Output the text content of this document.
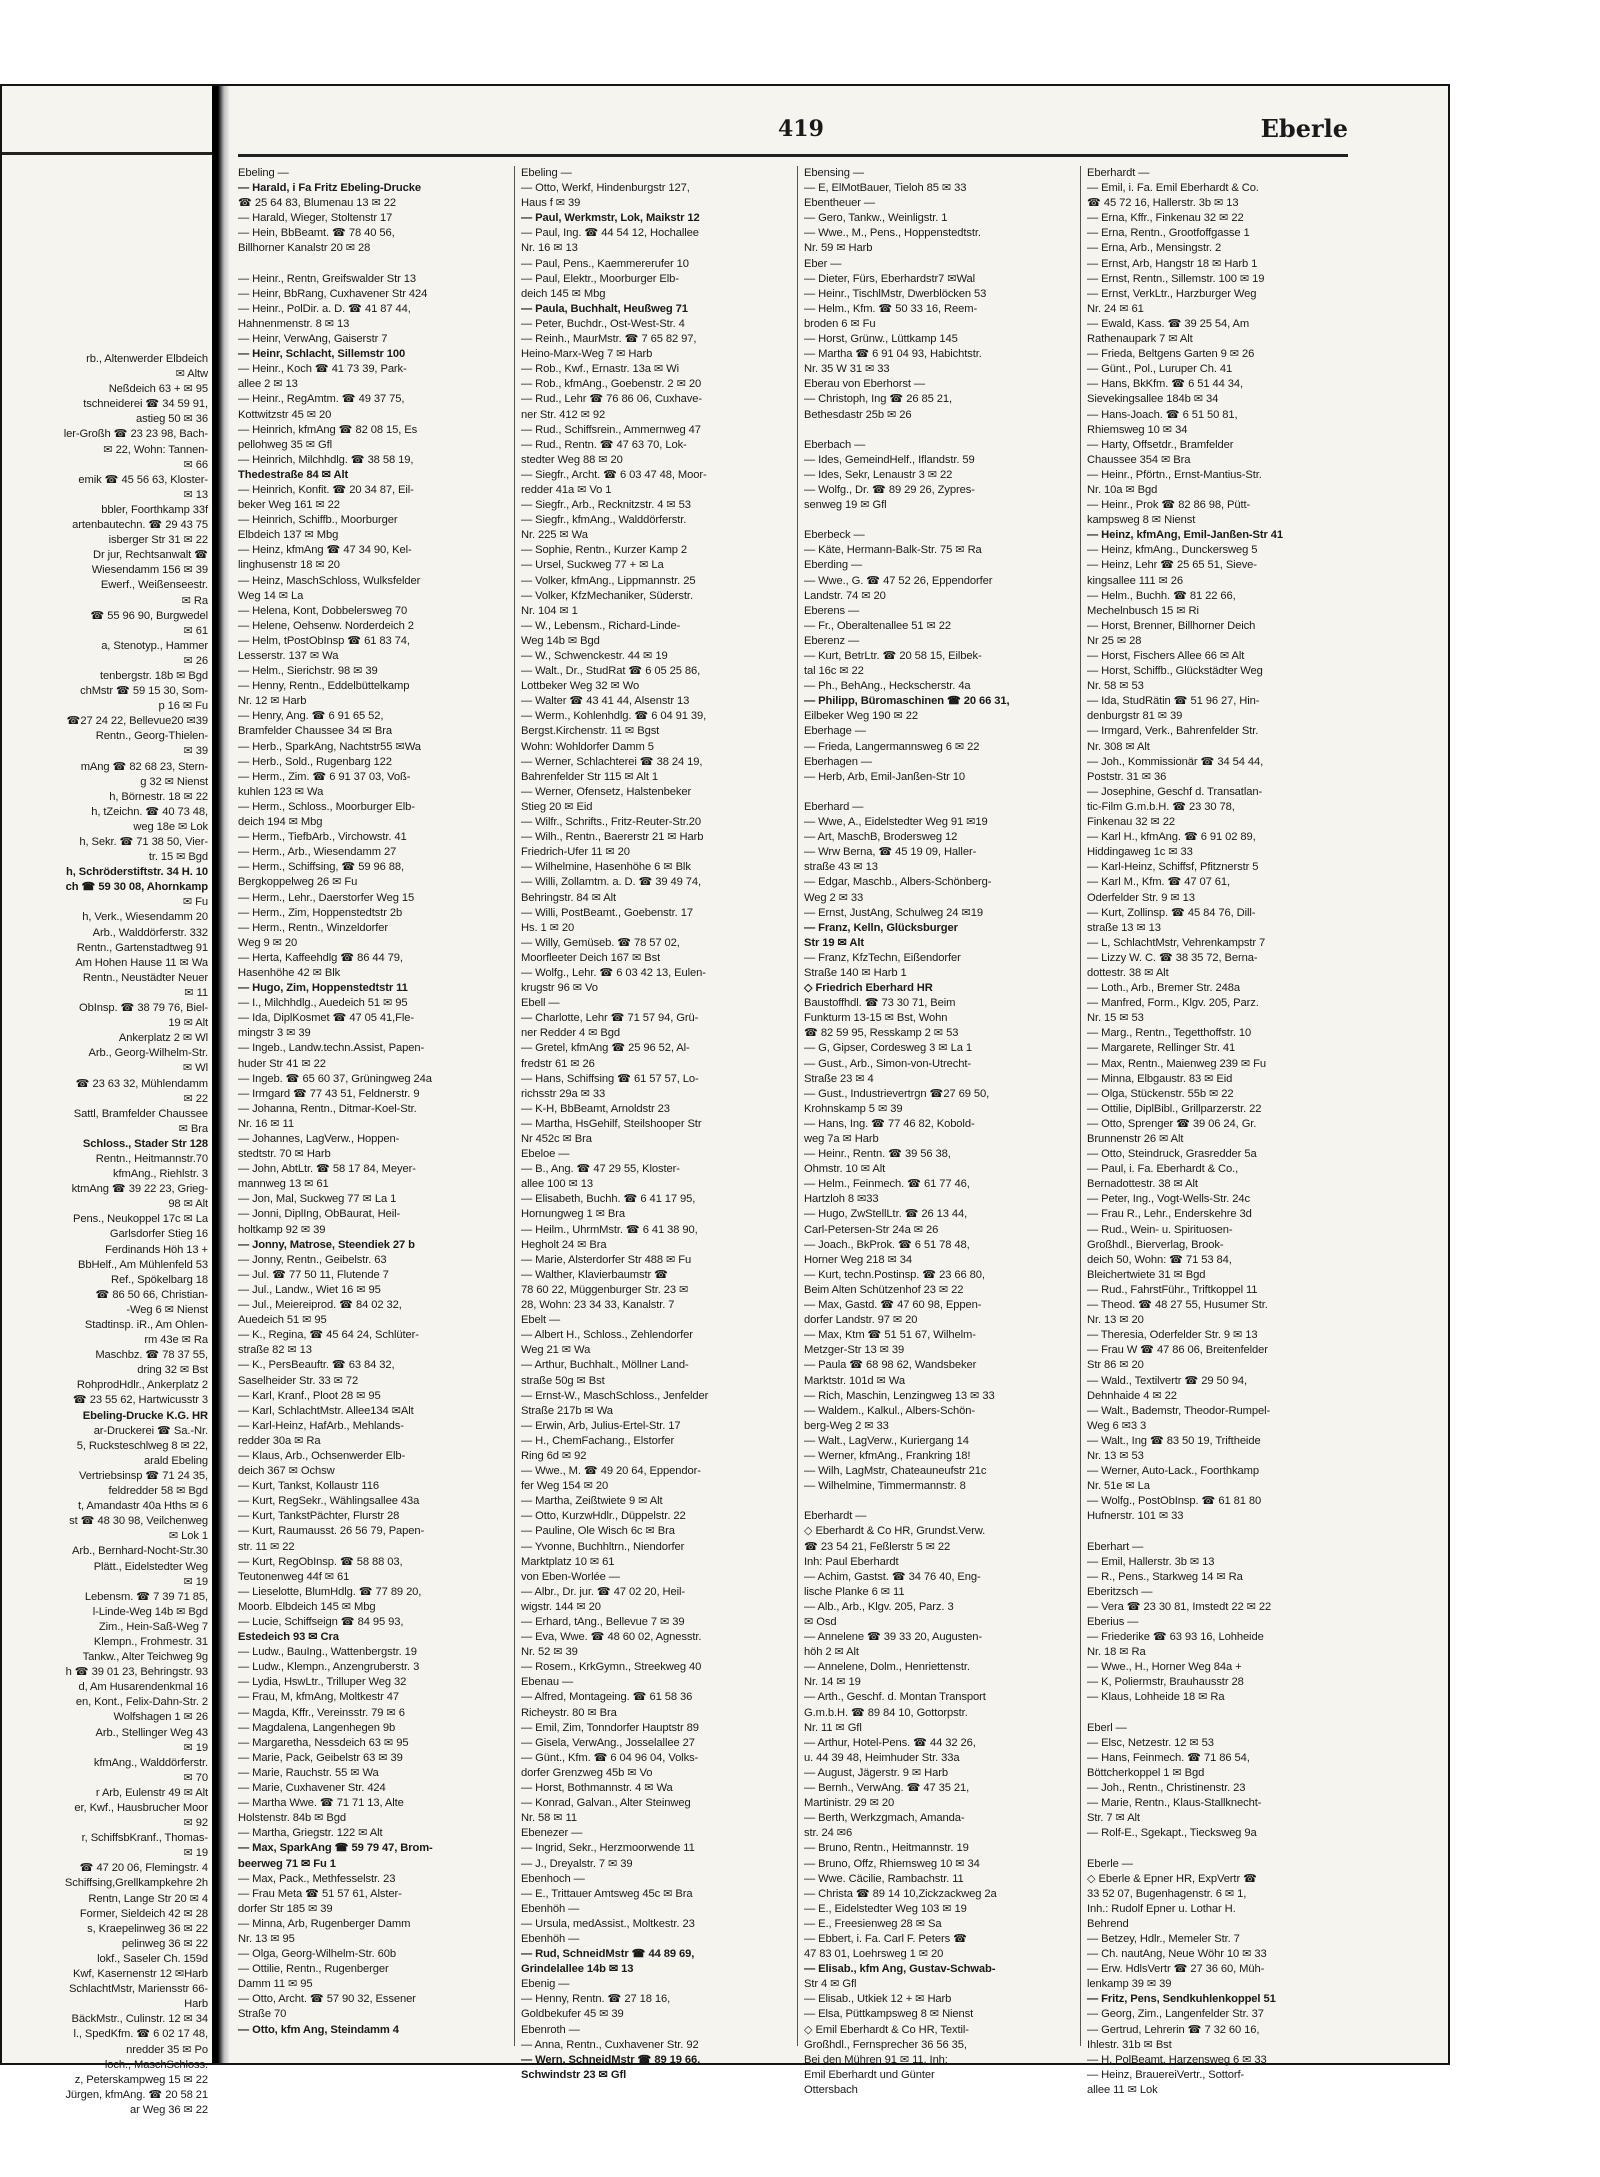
rb., Altenwerder Elbdeich
✉ Altw
Neßdeich 63 + ✉ 95
tschneiderei ☎ 34 59 91,
astieg 50 ✉ 36
ler-Großh ☎ 23 23 98, Bach-
✉ 22, Wohn: Tannen-
✉ 66
emik ☎ 45 56 63, Kloster-
✉ 13
bbler, Foorthkamp 33f
artenbautechn. ☎ 29 43 75
isberger Str 31 ✉ 22
Dr jur, Rechtsanwalt ☎
Wiesendamm 156 ✉ 39
Ewerf., Weißenseestr.
✉ Ra
☎ 55 96 90, Burgwedel
✉ 61
a, Stenotyp., Hammer
✉ 26
tenbergstr. 18b ✉ Bgd
chMstr ☎ 59 15 30, Som-
p 16 ✉ Fu
☎27 24 22, Bellevue20 ✉39
Rentn., Georg-Thielen-
✉ 39
mAng ☎ 82 68 23, Stern-
g 32 ✉ Nienst
h, Börnestr. 18 ✉ 22
h, tZeichn. ☎ 40 73 48,
weg 18e ✉ Lok
h, Sekr. ☎ 71 38 50, Vier-
tr. 15 ✉ Bgd
h, Schröderstiftstr. 34 H. 10
ch ☎ 59 30 08, Ahornkamp
✉ Fu
h, Verk., Wiesendamm 20
Arb., Walddörferstr. 332
Rentn., Gartenstadtweg 91
Am Hohen Hause 11 ✉ Wa
Rentn., Neustädter Neuer
✉ 11
ObInsp. ☎ 38 79 76, Biel-
19 ✉ Alt
Ankerplatz 2 ✉ Wl
Arb., Georg-Wilhelm-Str.
✉ Wl
☎ 23 63 32, Mühlendamm
✉ 22
Sattl, Bramfelder Chaussee
✉ Bra
Schloss., Stader Str 128
Rentn., Heitmannstr.70
kfmAng., Riehlstr. 3
ktmAng ☎ 39 22 23, Grieg-
98 ✉ Alt
Pens., Neukoppel 17c ✉ La
Garlsdorfer Stieg 16
Ferdinands Höh 13 +
BbHelf., Am Mühlenfeld 53
Ref., Spökelbarg 18
☎ 86 50 66, Christian-
-Weg 6 ✉ Nienst
Stadtinsp. iR., Am Ohlen-
rm 43e ✉ Ra
Maschbz. ☎ 78 37 55,
dring 32 ✉ Bst
RohprodHdlr., Ankerplatz 2
☎ 23 55 62, Hartwicusstr 3
Ebeling-Drucke K.G. HR
ar-Druckerei ☎ Sa.-Nr.
5, Rucksteschlweg 8 ✉ 22,
arald Ebeling
Vertriebsinsp ☎ 71 24 35,
feldredder 58 ✉ Bgd
t, Amandastr 40a Hths ✉ 6
st ☎ 48 30 98, Veilchenweg
✉ Lok 1
Arb., Bernhard-Nocht-Str.30
Plätt., Eidelstedter Weg
✉ 19
Lebensm. ☎ 7 39 71 85,
l-Linde-Weg 14b ✉ Bgd
Zim., Hein-Saß-Weg 7
Klempn., Frohmestr. 31
Tankw., Alter Teichweg 9g
h ☎ 39 01 23, Behringstr. 93
d, Am Husarendenkmal 16
en, Kont., Felix-Dahn-Str. 2
Wolfshagen 1 ✉ 26
Arb., Stellinger Weg 43
✉ 19
kfmAng., Walddörferstr.
✉ 70
r Arb, Eulenstr 49 ✉ Alt
er, Kwf., Hausbrucher Moor
✉ 92
r, SchiffsbKranf., Thomas-
✉ 19
☎ 47 20 06, Flemingstr. 4
Schiffsing,Grellkampkehre 2h
Rentn, Lange Str 20 ✉ 4
Former, Sieldeich 42 ✉ 28
s, Kraepelinweg 36 ✉ 22
pelinweg 36 ✉ 22
lokf., Saseler Ch. 159d
Kwf, Kasernenstr 12 ✉Harb
SchlachtMstr, Mariensstr 66-
Harb
BäckMstr., Culinstr. 12 ✉ 34
l., SpedKfm. ☎ 6 02 17 48,
nredder 35 ✉ Po
loch., MaschSchloss.
z, Peterskampweg 15 ✉ 22
Jürgen, kfmAng. ☎ 20 58 21
ar Weg 36 ✉ 22
419	Eberle
Ebeling —
— Harald, i Fa Fritz Ebeling-Drucke
☎ 25 64 83, Blumenau 13 ✉ 22
— Harald, Wieger, Stoltenstr 17
— Hein, BbBeamt. ☎ 78 40 56,
Billhorner Kanalstr 20 ✉ 28
— Heinr., Rentn, Greifswalder Str 13
— Heinr, BbRang, Cuxhavener Str 424
— Heinr., PolDir. a. D. ☎ 41 87 44,
Hahnenmenstr. 8 ✉ 13
— Heinr, VerwAng, Gaiserstr 7
— Heinr, Schlacht, Sillemstr 100
— Heinr., Koch ☎ 41 73 39, Park-
allee 2 ✉ 13
— Heinr., RegAmtm. ☎ 49 37 75,
Kottwitzstr 45 ✉ 20
— Heinrich, kfmAng ☎ 82 08 15, Es
pellohweg 35 ✉ Gfl
— Heinrich, Milchhdlg. ☎ 38 58 19,
Thedestraße 84 ✉ Alt
— Heinrich, Konfit. ☎ 20 34 87, Eil-
beker Weg 161 ✉ 22
— Heinrich, Schiffb., Moorburger
Elbdeich 137 ✉ Mbg
— Heinz, kfmAng ☎ 47 34 90, Kel-
linghusenstr 18 ✉ 20
— Heinz, MaschSchloss, Wulksfelder
Weg 14 ✉ La
— Helena, Kont, Dobbelersweg 70
— Helene, Oehsenw. Norderdeich 2
— Helm, tPostObInsp ☎ 61 83 74,
Lesserstr. 137 ✉ Wa
— Helm., Sierichstr. 98 ✉ 39
— Henny, Rentn., Eddelbüttelkamp
Nr. 12 ✉ Harb
— Henry, Ang. ☎ 6 91 65 52,
Bramfelder Chaussee 34 ✉ Bra
— Herb., SparkAng, Nachtstr55 ✉Wa
— Herb., Sold., Rugenbarg 122
— Herm., Zim. ☎ 6 91 37 03, Voß-
kuhlen 123 ✉ Wa
— Herm., Schloss., Moorburger Elb-
deich 194 ✉ Mbg
— Herm., TiefbArb., Virchowstr. 41
— Herm., Arb., Wiesendamm 27
— Herm., Schiffsing, ☎ 59 96 88,
Bergkoppelweg 26 ✉ Fu
— Herm., Lehr., Daerstorfer Weg 15
— Herm., Zim, Hoppenstedtstr 2b
— Herm., Rentn., Winzeldorfer
Weg 9 ✉ 20
— Herta, Kaffeehdlg ☎ 86 44 79,
Hasenhöhe 42 ✉ Blk
— Hugo, Zim, Hoppenstedtstr 11
— I., Milchhdlg., Auedeich 51 ✉ 95
— Ida, DiplKosmet ☎ 47 05 41,Fle-
mingstr 3 ✉ 39
— Ingeb., Landw.techn.Assist, Papen-
huder Str 41 ✉ 22
— Ingeb. ☎ 65 60 37, Grüningweg 24a
— Irmgard ☎ 77 43 51, Feldnerstr. 9
— Johanna, Rentn., Ditmar-Koel-Str.
Nr. 16 ✉ 11
— Johannes, LagVerw., Hoppen-
stedtstr. 70 ✉ Harb
— John, AbtLtr. ☎ 58 17 84, Meyer-
mannweg 13 ✉ 61
— Jon, Mal, Suckweg 77 ✉ La 1
— Jonni, DiplIng, ObBaurat, Heil-
holtkamp 92 ✉ 39
— Jonny, Matrose, Steendiek 27 b
— Jonny, Rentn., Geibelstr. 63
— Jul. ☎ 77 50 11, Flutende 7
— Jul., Landw., Wiet 16 ✉ 95
— Jul., Meiereiprod. ☎ 84 02 32,
Auedeich 51 ✉ 95
— K., Regina, ☎ 45 64 24, Schlüter-
straße 82 ✉ 13
— K., PersBeauftr. ☎ 63 84 32,
Saselheider Str. 33 ✉ 72
— Karl, Kranf., Ploot 28 ✉ 95
— Karl, SchlachtMstr. Allee134 ✉Alt
— Karl-Heinz, HafArb., Mehlands-
redder 30a ✉ Ra
— Klaus, Arb., Ochsenwerder Elb-
deich 367 ✉ Ochsw
— Kurt, Tankst, Kollaustr 116
— Kurt, RegSekr., Wählingsallee 43a
— Kurt, TankstPächter, Flurstr 28
— Kurt, Raumausst. 26 56 79, Papen-
str. 11 ✉ 22
— Kurt, RegObInsp. ☎ 58 88 03,
Teutonenweg 44f ✉ 61
— Lieselotte, BlumHdlg. ☎ 77 89 20,
Moorb. Elbdeich 145 ✉ Mbg
— Lucie, Schiffseign ☎ 84 95 93,
Estedeich 93 ✉ Cra
— Ludw., BauIng., Wattenbergstr. 19
— Ludw., Klempn., Anzengruberstr. 3
— Lydia, HswLtr., Trilluper Weg 32
— Frau, M, kfmAng, Moltkestr 47
— Magda, Kffr., Vereinsstr. 79 ✉ 6
— Magdalena, Langenhegen 9b
— Margaretha, Nessdeich 63 ✉ 95
— Marie, Pack, Geibelstr 63 ✉ 39
— Marie, Rauchstr. 55 ✉ Wa
— Marie, Cuxhavener Str. 424
— Martha Wwe. ☎ 71 71 13, Alte
Holstenstr. 84b ✉ Bgd
— Martha, Griegstr. 122 ✉ Alt
— Max, SparkAng ☎ 59 79 47, Brom-
beerweg 71 ✉ Fu 1
— Max, Pack., Methfesselstr. 23
— Frau Meta ☎ 51 57 61, Alster-
dorfer Str 185 ✉ 39
— Minna, Arb, Rugenberger Damm
Nr. 13 ✉ 95
— Olga, Georg-Wilhelm-Str. 60b
— Ottilie, Rentn., Rugenberger
Damm 11 ✉ 95
— Otto, Archt. ☎ 57 90 32, Essener
Straße 70
— Otto, kfm Ang, Steindamm 4
Ebeling —
— Otto, Werkf, Hindenburgstr 127,
Haus f ✉ 39
— Paul, Werkmstr, Lok, Maikstr 12
— Paul, Ing. ☎ 44 54 12, Hochallee
Nr. 16 ✉ 13
— Paul, Pens., Kaemmererufer 10
— Paul, Elektr., Moorburger Elb-
deich 145 ✉ Mbg
— Paula, Buchhalt, Heußweg 71
— Peter, Buchdr., Ost-West-Str. 4
— Reinh., MaurMstr. ☎ 7 65 82 97,
Heino-Marx-Weg 7 ✉ Harb
— Rob., Kwf., Ernastr. 13a ✉ Wi
— Rob., kfmAng., Goebenstr. 2 ✉ 20
— Rud., Lehr ☎ 76 86 06, Cuxhave-
ner Str. 412 ✉ 92
— Rud., Schiffsrein., Ammernweg 47
— Rud., Rentn. ☎ 47 63 70, Lok-
stedter Weg 88 ✉ 20
— Siegfr., Archt. ☎ 6 03 47 48, Moor-
redder 41a ✉ Vo 1
— Siegfr., Arb., Recknitzstr. 4 ✉ 53
— Siegfr., kfmAng., Walddörferstr.
Nr. 225 ✉ Wa
— Sophie, Rentn., Kurzer Kamp 2
— Ursel, Suckweg 77 + ✉ La
— Volker, kfmAng., Lippmannstr. 25
— Volker, KfzMechaniker, Süderstr.
Nr. 104 ✉ 1
— W., Lebensm., Richard-Linde-
Weg 14b ✉ Bgd
— W., Schwenckestr. 44 ✉ 19
— Walt., Dr., StudRat ☎ 6 05 25 86,
Lottbeker Weg 32 ✉ Wo
— Walter ☎ 43 41 44, Alsenstr 13
— Werm., Kohlenhdlg. ☎ 6 04 91 39,
Bergst.Kirchenstr. 11 ✉ Bgst
Wohn: Wohldorfer Damm 5
— Werner, Schlachterei ☎ 38 24 19,
Bahrenfelder Str 115 ✉ Alt 1
— Werner, Ofensetz, Halstenbeker
Stieg 20 ✉ Eid
— Wilfr., Schrifts., Fritz-Reuter-Str.20
— Wilh., Rentn., Baererstr 21 ✉ Harb
Friedrich-Ufer 11 ✉ 20
— Wilhelmine, Hasenhöhe 6 ✉ Blk
— Willi, Zollamtm. a. D. ☎ 39 49 74,
Behringstr. 84 ✉ Alt
— Willi, PostBeamt., Goebenstr. 17
Hs. 1 ✉ 20
— Willy, Gemüseb. ☎ 78 57 02,
Moorfleeter Deich 167 ✉ Bst
— Wolfg., Lehr. ☎ 6 03 42 13, Eulen-
krugstr 96 ✉ Vo
Ebell —
— Charlotte, Lehr ☎ 71 57 94, Grü-
ner Redder 4 ✉ Bgd
— Gretel, kfmAng ☎ 25 96 52, Al-
fredstr 61 ✉ 26
— Hans, Schiffsing ☎ 61 57 57, Lo-
richsstr 29a ✉ 33
— K-H, BbBeamt, Arnoldstr 23
— Martha, HsGehilf, Steilshooper Str
Nr 452c ✉ Bra
Ebeloe —
— B., Ang. ☎ 47 29 55, Kloster-
allee 100 ✉ 13
— Elisabeth, Buchh. ☎ 6 41 17 95,
Hornungweg 1 ✉ Bra
— Heilm., UhrmMstr. ☎ 6 41 38 90,
Hegholt 24 ✉ Bra
— Marie, Alsterdorfer Str 488 ✉ Fu
— Walther, Klavierbaumstr ☎
78 60 22, Müggenburger Str. 23 ✉
28, Wohn: 23 34 33, Kanalstr. 7
Ebelt —
— Albert H., Schloss., Zehlendorfer
Weg 21 ✉ Wa
— Arthur, Buchhalt., Möllner Land-
straße 50g ✉ Bst
— Ernst-W., MaschSchloss., Jenfelder
Straße 217b ✉ Wa
— Erwin, Arb, Julius-Ertel-Str. 17
— H., ChemFachang., Elstorfer
Ring 6d ✉ 92
— Wwe., M. ☎ 49 20 64, Eppendor-
fer Weg 154 ✉ 20
— Martha, Zeißtwiete 9 ✉ Alt
— Otto, KurzwHdlr., Düppelstr. 22
— Pauline, Ole Wisch 6c ✉ Bra
— Yvonne, Buchhltrn., Niendorfer
Marktplatz 10 ✉ 61
von Eben-Worlée —
— Albr., Dr. jur. ☎ 47 02 20, Heil-
wigstr. 144 ✉ 20
— Erhard, tAng., Bellevue 7 ✉ 39
— Eva, Wwe. ☎ 48 60 02, Agnesstr.
Nr. 52 ✉ 39
— Rosem., KrkGymn., Streekweg 40
Ebenau —
— Alfred, Montageing. ☎ 61 58 36
Richeystr. 80 ✉ Bra
— Emil, Zim, Tonndorfer Hauptstr 89
— Gisela, VerwAng., Josselallee 27
— Günt., Kfm. ☎ 6 04 96 04, Volks-
dorfer Grenzweg 45b ✉ Vo
— Horst, Bothmannstr. 4 ✉ Wa
— Konrad, Galvan., Alter Steinweg
Nr. 58 ✉ 11
Ebenezer —
— Ingrid, Sekr., Herzmoorwende 11
— J., Dreyalstr. 7 ✉ 39
Ebenhoch —
— E., Trittauer Amtsweg 45c ✉ Bra
Ebenhöh —
— Ursula, medAssist., Moltkestr. 23
Ebenhöh —
— Rud, SchneidMstr ☎ 44 89 69,
Grindelallee 14b ✉ 13
Ebenig —
— Henny, Rentn. ☎ 27 18 16,
Goldbekufer 45 ✉ 39
Ebenroth —
— Anna, Rentn., Cuxhavener Str. 92
— Wern, SchneidMstr ☎ 89 19 66,
Schwindstr 23 ✉ Gfl
Ebensing —
— E, ElMotBauer, Tieloh 85 ✉ 33
Ebentheuer —
— Gero, Tankw., Weinligstr. 1
— Wwe., M., Pens., Hoppenstedtstr.
Nr. 59 ✉ Harb
Eber —
— Dieter, Fürs, Eberhardstr7 ✉Wal
— Heinr., TischlMstr, Dwerblöcken 53
— Helm., Kfm. ☎ 50 33 16, Reem-
broden 6 ✉ Fu
— Horst, Grünw., Lüttkamp 145
— Martha ☎ 6 91 04 93, Habichtstr.
Nr. 35 W 31 ✉ 33
Eberau von Eberhorst —
— Christoph, Ing ☎ 26 85 21,
Bethesdastr 25b ✉ 26
Eberbach —
— Ides, GemeindHelf., Iflandstr. 59
— Ides, Sekr, Lenaustr 3 ✉ 22
— Wolfg., Dr. ☎ 89 29 26, Zypres-
senweg 19 ✉ Gfl
Eberbeck —
— Käte, Hermann-Balk-Str. 75 ✉ Ra
Eberding —
— Wwe., G. ☎ 47 52 26, Eppendorfer
Landstr. 74 ✉ 20
Eberens —
— Fr., Oberaltenallee 51 ✉ 22
Eberenz —
— Kurt, BetrLtr. ☎ 20 58 15, Eilbek-
tal 16c ✉ 22
— Ph., BehAng., Heckscherstr. 4a
— Philipp, Büromaschinen ☎ 20 66 31,
Eilbeker Weg 190 ✉ 22
Eberhage —
— Frieda, Langermannsweg 6 ✉ 22
Eberhagen —
— Herb, Arb, Emil-Janßen-Str 10
Eberhard —
— Wwe, A., Eidelstedter Weg 91 ✉19
— Art, MaschB, Brodersweg 12
— Wrw Berna, ☎ 45 19 09, Haller-
straße 43 ✉ 13
— Edgar, Maschb., Albers-Schönberg-
Weg 2 ✉ 33
— Ernst, JustAng, Schulweg 24 ✉19
— Franz, Kelln, Glücksburger
Str 19 ✉ Alt
— Franz, KfzTechn, Eißendorfer
Straße 140 ✉ Harb 1
◇ Friedrich Eberhard HR
Baustoffhdl. ☎ 73 30 71, Beim
Funkturm 13-15 ✉ Bst, Wohn
☎ 82 59 95, Resskamp 2 ✉ 53
— G, Gipser, Cordesweg 3 ✉ La 1
— Gust., Arb., Simon-von-Utrecht-
Straße 23 ✉ 4
— Gust., Industrievertrgn ☎27 69 50,
Krohnskamp 5 ✉ 39
— Hans, Ing. ☎ 77 46 82, Kobold-
weg 7a ✉ Harb
— Heinr., Rentn. ☎ 39 56 38,
Ohmstr. 10 ✉ Alt
— Helm., Feinmech. ☎ 61 77 46,
Hartzloh 8 ✉33
— Hugo, ZwStellLtr. ☎ 26 13 44,
Carl-Petersen-Str 24a ✉ 26
— Joach., BkProk. ☎ 6 51 78 48,
Horner Weg 218 ✉ 34
— Kurt, techn.Postinsp. ☎ 23 66 80,
Beim Alten Schützenhof 23 ✉ 22
— Max, Gastd. ☎ 47 60 98, Eppen-
dorfer Landstr. 97 ✉ 20
— Max, Ktm ☎ 51 51 67, Wilhelm-
Metzger-Str 13 ✉ 39
— Paula ☎ 68 98 62, Wandsbeker
Marktstr. 101d ✉ Wa
— Rich, Maschin, Lenzingweg 13 ✉ 33
— Waldem., Kalkul., Albers-Schön-
berg-Weg 2 ✉ 33
— Walt., LagVerw., Kuriergang 14
— Werner, kfmAng., Frankring 18!
— Wilh, LagMstr, Chateauneufstr 21c
— Wilhelmine, Timmermannstr. 8
Eberhardt —
◇ Eberhardt & Co HR, Grundst.Verw.
☎ 23 54 21, Feßlerstr 5 ✉ 22
Inh: Paul Eberhardt
— Achim, Gastst. ☎ 34 76 40, Eng-
lische Planke 6 ✉ 11
— Alb., Arb., Klgv. 205, Parz. 3
✉ Osd
— Annelene ☎ 39 33 20, Augusten-
höh 2 ✉ Alt
— Annelene, Dolm., Henriettenstr.
Nr. 14 ✉ 19
— Arth., Geschf. d. Montan Transport
G.m.b.H. ☎ 89 84 10, Gottorpstr.
Nr. 11 ✉ Gfl
— Arthur, Hotel-Pens. ☎ 44 32 26,
u. 44 39 48, Heimhuder Str. 33a
— August, Jägerstr. 9 ✉ Harb
— Bernh., VerwAng. ☎ 47 35 21,
Martinistr. 29 ✉ 20
— Berth, Werkzgmach, Amanda-
str. 24 ✉6
— Bruno, Rentn., Heitmannstr. 19
— Bruno, Offz, Rhiemsweg 10 ✉ 34
— Wwe. Cäcilie, Rambachstr. 11
— Christa ☎ 89 14 10,Zickzackweg 2a
— E., Eidelstedter Weg 103 ✉ 19
— E., Freesienweg 28 ✉ Sa
— Ebbert, i. Fa. Carl F. Peters ☎
47 83 01, Loehrsweg 1 ✉ 20
— Elisab., kfm Ang, Gustav-Schwab-
Str 4 ✉ Gfl
— Elisab., Utkiek 12 + ✉ Harb
— Elsa, Püttkampsweg 8 ✉ Nienst
◇ Emil Eberhardt & Co HR, Textil-
Großhdl., Fernsprecher 36 56 35,
Bei den Mühren 91 ✉ 11, Inh:
Emil Eberhardt und Günter
Ottersbach
Eberhardt —
— Emil, i. Fa. Emil Eberhardt & Co.
☎ 45 72 16, Hallerstr. 3b ✉ 13
— Erna, Kffr., Finkenau 32 ✉ 22
— Erna, Rentn., Grootfoffgasse 1
— Erna, Arb., Mensingstr. 2
— Ernst, Arb, Hangstr 18 ✉ Harb 1
— Ernst, Rentn., Sillemstr. 100 ✉ 19
— Ernst, VerkLtr., Harzburger Weg
Nr. 24 ✉ 61
— Ewald, Kass. ☎ 39 25 54, Am
Rathenaupark 7 ✉ Alt
— Frieda, Beltgens Garten 9 ✉ 26
— Günt., Pol., Luruper Ch. 41
— Hans, BkKfm. ☎ 6 51 44 34,
Sievekingsallee 184b ✉ 34
— Hans-Joach. ☎ 6 51 50 81,
Rhiemsweg 10 ✉ 34
— Harty, Offsetdr., Bramfelder
Chaussee 354 ✉ Bra
— Heinr., Pförtn., Ernst-Mantius-Str.
Nr. 10a ✉ Bgd
— Heinr., Prok ☎ 82 86 98, Pütt-
kampsweg 8 ✉ Nienst
— Heinz, kfmAng, Emil-Janßen-Str 41
— Heinz, kfmAng., Dunckersweg 5
— Heinz, Lehr ☎ 25 65 51, Sieve-
kingsallee 111 ✉ 26
— Helm., Buchh. ☎ 81 22 66,
Mechelnbusch 15 ✉ Ri
— Horst, Brenner, Billhorner Deich
Nr 25 ✉ 28
— Horst, Fischers Allee 66 ✉ Alt
— Horst, Schiffb., Glückstädter Weg
Nr. 58 ✉ 53
— Ida, StudRätin ☎ 51 96 27, Hin-
denburgstr 81 ✉ 39
— Irmgard, Verk., Bahrenfelder Str.
Nr. 308 ✉ Alt
— Joh., Kommissionär ☎ 34 54 44,
Poststr. 31 ✉ 36
— Josephine, Geschf d. Transatlan-
tic-Film G.m.b.H. ☎ 23 30 78,
Finkenau 32 ✉ 22
— Karl H., kfmAng. ☎ 6 91 02 89,
Hiddingaweg 1c ✉ 33
— Karl-Heinz, Schiffsf, Pfitznerstr 5
— Karl M., Kfm. ☎ 47 07 61,
Oderfelder Str. 9 ✉ 13
— Kurt, Zollinsp. ☎ 45 84 76, Dill-
straße 13 ✉ 13
— L, SchlachtMstr, Vehrenkampstr 7
— Lizzy W. C. ☎ 38 35 72, Berna-
dottestr. 38 ✉ Alt
— Loth., Arb., Bremer Str. 248a
— Manfred, Form., Klgv. 205, Parz.
Nr. 15 ✉ 53
— Marg., Rentn., Tegetthoffstr. 10
— Margarete, Rellinger Str. 41
— Max, Rentn., Maienweg 239 ✉ Fu
— Minna, Elbgaustr. 83 ✉ Eid
— Olga, Stückenstr. 55b ✉ 22
— Ottilie, DiplBibl., Grillparzerstr. 22
— Otto, Sprenger ☎ 39 06 24, Gr.
Brunnenstr 26 ✉ Alt
— Otto, Steindruck, Grasredder 5a
— Paul, i. Fa. Eberhardt & Co.,
Bernadottestr. 38 ✉ Alt
— Peter, Ing., Vogt-Wells-Str. 24c
— Frau R., Lehr., Enderskehre 3d
— Rud., Wein- u. Spirituosen-
Großhdl., Bierverlag, Brook-
deich 50, Wohn: ☎ 71 53 84,
Bleichertwiete 31 ✉ Bgd
— Rud., FahrstFühr., Triftkoppel 11
— Theod. ☎ 48 27 55, Husumer Str.
Nr. 13 ✉ 20
— Theresia, Oderfelder Str. 9 ✉ 13
— Frau W ☎ 47 86 06, Breitenfelder
Str 86 ✉ 20
— Wald., Textilvertr ☎ 29 50 94,
Dehnhaide 4 ✉ 22
— Walt., Bademstr, Theodor-Rumpel-
Weg 6 ✉3 3
— Walt., Ing ☎ 83 50 19, Triftheide
Nr. 13 ✉ 53
— Werner, Auto-Lack., Foorthkamp
Nr. 51e ✉ La
— Wolfg., PostObInsp. ☎ 61 81 80
Hufnerstr. 101 ✉ 33
Eberhart —
— Emil, Hallerstr. 3b ✉ 13
— R., Pens., Starkweg 14 ✉ Ra
Eberitzsch —
— Vera ☎ 23 30 81, Imstedt 22 ✉ 22
Eberius —
— Friederike ☎ 63 93 16, Lohheide
Nr. 18 ✉ Ra
— Wwe., H., Horner Weg 84a +
— K, Poliermstr, Brauhausstr 28
— Klaus, Lohheide 18 ✉ Ra
Eberl —
— Elsc, Netzestr. 12 ✉ 53
— Hans, Feinmech. ☎ 71 86 54,
Böttcherkoppel 1 ✉ Bgd
— Joh., Rentn., Christinenstr. 23
— Marie, Rentn., Klaus-Stallknecht-
Str. 7 ✉ Alt
— Rolf-E., Sgekapt., Tiecksweg 9a
Eberle —
◇ Eberle & Epner HR, ExpVertr ☎
33 52 07, Bugenhagenstr. 6 ✉ 1,
Inh.: Rudolf Epner u. Lothar H.
Behrend
— Betzey, Hdlr., Memeler Str. 7
— Ch. nautAng, Neue Wöhr 10 ✉ 33
— Erw. HdlsVertr ☎ 27 36 60, Müh-
lenkamp 39 ✉ 39
— Fritz, Pens, Sendkuhlenkoppel 51
— Georg, Zim., Langenfelder Str. 37
— Gertrud, Lehrerin ☎ 7 32 60 16,
Ihlestr. 31b ✉ Bst
— H, PolBeamt, Harzensweg 6 ✉ 33
— Heinz, BrauereiVertr., Sottorf-
allee 11 ✉ Lok
